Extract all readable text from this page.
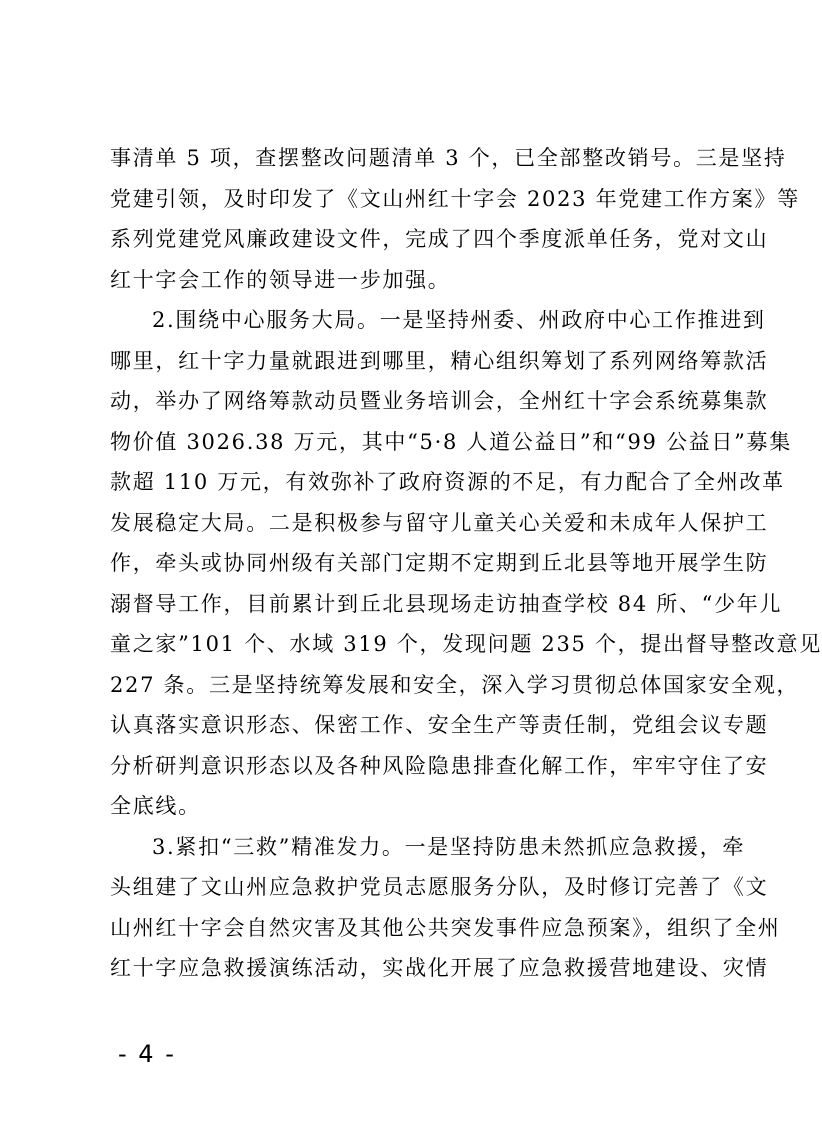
事清单 5 项，查摆整改问题清单 3 个，已全部整改销号。三是坚持
党建引领，及时印发了《文山州红十字会 2023 年党建工作方案》等
系列党建党风廉政建设文件，完成了四个季度派单任务，党对文山
红十字会工作的领导进一步加强。

2.围绕中心服务大局。一是坚持州委、州政府中心工作推进到
哪里，红十字力量就跟进到哪里，精心组织筹划了系列网络筹款活
动，举办了网络筹款动员暨业务培训会，全州红十字会系统募集款
物价值 3026.38 万元，其中“5·8 人道公益日”和“99 公益日”募集
款超 110 万元，有效弥补了政府资源的不足，有力配合了全州改革
发展稳定大局。二是积极参与留守儿童关心关爱和未成年人保护工
作，牵头或协同州级有关部门定期不定期到丘北县等地开展学生防
溺督导工作，目前累计到丘北县现场走访抽查学校 84 所、“少年儿
童之家”101 个、水域 319 个，发现问题 235 个，提出督导整改意见
227 条。三是坚持统筹发展和安全，深入学习贯彻总体国家安全观，
认真落实意识形态、保密工作、安全生产等责任制，党组会议专题
分析研判意识形态以及各种风险隐患排查化解工作，牢牢守住了安
全底线。

3.紧扣“三救”精准发力。一是坚持防患未然抓应急救援，牵
头组建了文山州应急救护党员志愿服务分队，及时修订完善了《文
山州红十字会自然灾害及其他公共突发事件应急预案》，组织了全州
红十字应急救援演练活动，实战化开展了应急救援营地建设、灾情

- 4 -
